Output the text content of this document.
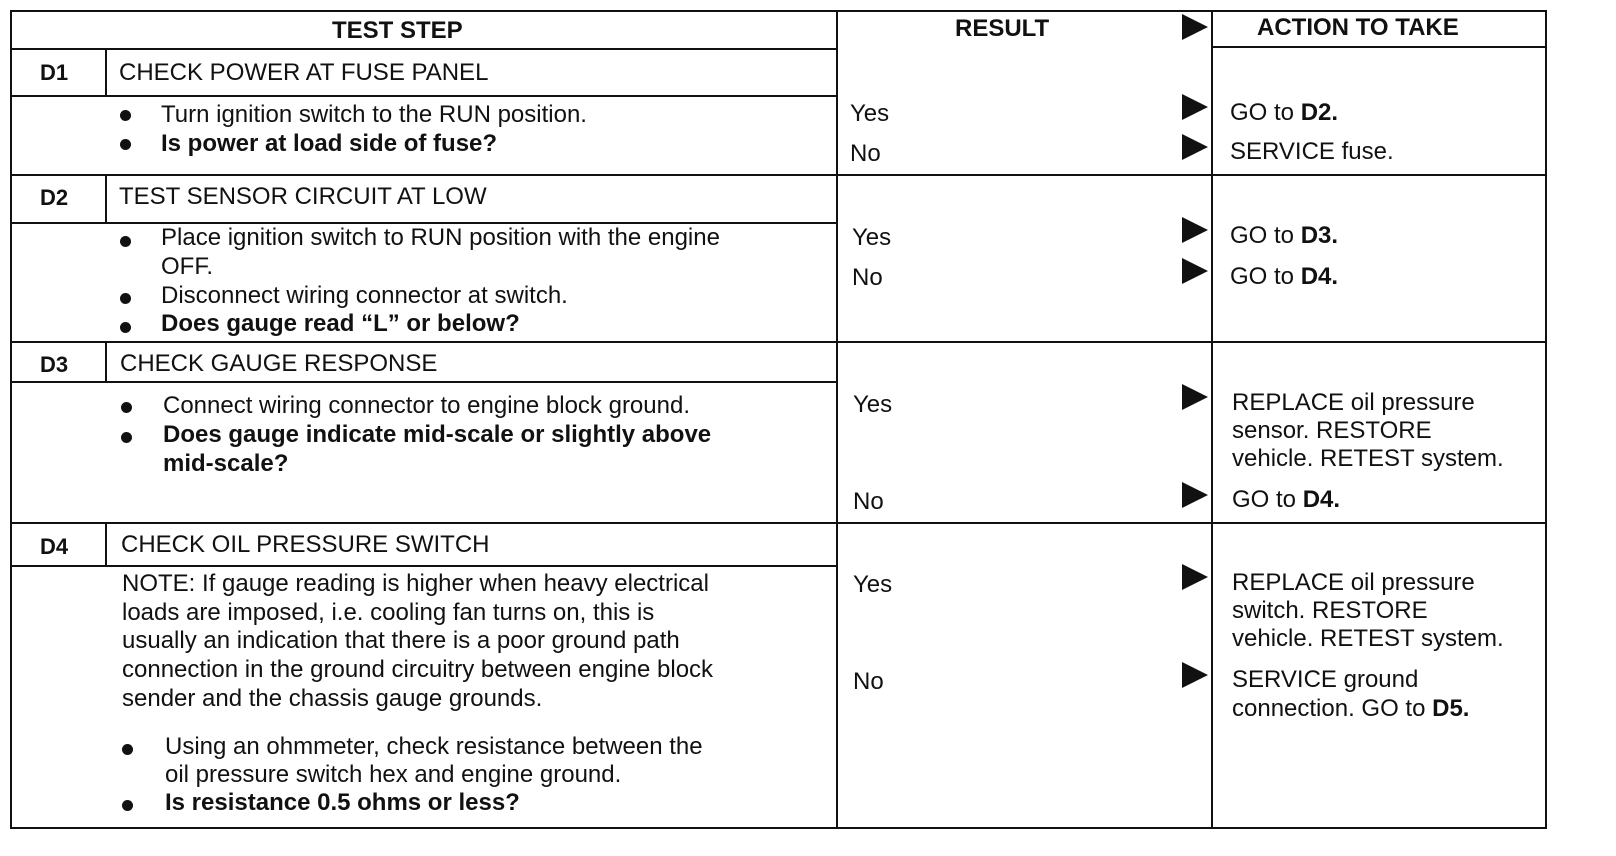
TEST STEP	RESULT	ACTION TO TAKE
D1 CHECK POWER AT FUSE PANEL
Turn ignition switch to the RUN position.
Is power at load side of fuse?
Yes	GO to D2.
No	SERVICE fuse.
D2 TEST SENSOR CIRCUIT AT LOW
Place ignition switch to RUN position with the engine
OFF.
Disconnect wiring connector at switch.
Does gauge read “L” or below?
Yes	GO to D3.
No	GO to D4.
D3 CHECK GAUGE RESPONSE
Connect wiring connector to engine block ground.
Does gauge indicate mid-scale or slightly above
mid-scale?
Yes	REPLACE oil pressure
sensor. RESTORE
vehicle. RETEST system.
No	GO to D4.
D4 CHECK OIL PRESSURE SWITCH
NOTE: If gauge reading is higher when heavy electrical
loads are imposed, i.e. cooling fan turns on, this is
usually an indication that there is a poor ground path
connection in the ground circuitry between engine block
sender and the chassis gauge grounds.
Using an ohmmeter, check resistance between the
oil pressure switch hex and engine ground.
Is resistance 0.5 ohms or less?
Yes	REPLACE oil pressure
switch. RESTORE
vehicle. RETEST system.
No	SERVICE ground
connection. GO to D5.
